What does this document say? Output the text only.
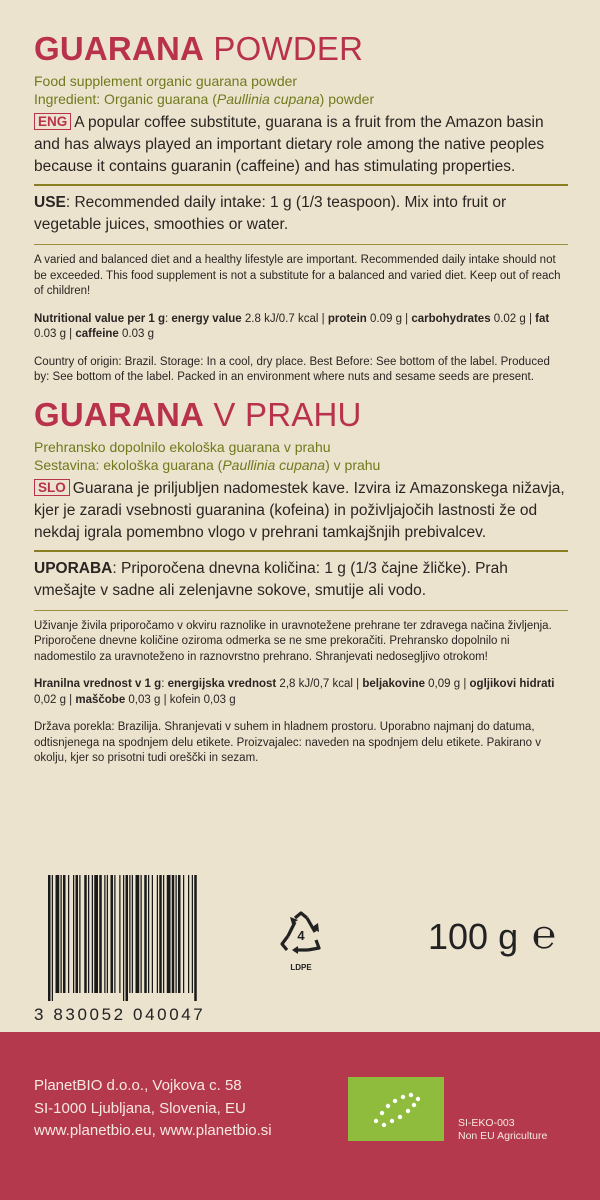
GUARANA POWDER
Food supplement organic guarana powder
Ingredient: Organic guarana (Paullinia cupana) powder
ENG A popular coffee substitute, guarana is a fruit from the Amazon basin and has always played an important dietary role among the native peoples because it contains guaranin (caffeine) and has stimulating properties.
USE: Recommended daily intake: 1 g (1/3 teaspoon). Mix into fruit or vegetable juices, smoothies or water.

A varied and balanced diet and a healthy lifestyle are important. Recommended daily intake should not be exceeded. This food supplement is not a substitute for a balanced and varied diet. Keep out of reach of children!

Nutritional value per 1 g: energy value 2.8 kJ/0.7 kcal | protein 0.09 g | carbohydrates 0.02 g | fat 0.03 g | caffeine 0.03 g

Country of origin: Brazil. Storage: In a cool, dry place. Best Before: See bottom of the label. Produced by: See bottom of the label. Packed in an environment where nuts and sesame seeds are present.

GUARANA V PRAHU
Prehransko dopolnilo ekološka guarana v prahu
Sestavina: ekološka guarana (Paullinia cupana) v prahu
SLO Guarana je priljubljen nadomestek kave. Izvira iz Amazonskega nižavja, kjer je zaradi vsebnosti guaranina (kofeina) in poživljajočih lastnosti že od nekdaj igrala pomembno vlogo v prehrani tamkajšnjih prebivalcev.
UPORABA: Priporočena dnevna količina: 1 g (1/3 čajne žličke). Prah vmešajte v sadne ali zelenjavne sokove, smutije ali vodo.

Uživanje živila priporočamo v okviru raznolike in uravnotežene prehrane ter zdravega načina življenja. Priporočene dnevne količine oziroma odmerka se ne sme prekoračiti. Prehransko dopolnilo ni nadomestilo za uravnoteženo in raznovrstno prehrano. Shranjevati nedosegljivo otrokom!

Hranilna vrednost v 1 g: energijska vrednost 2,8 kJ/0,7 kcal | beljakovine 0,09 g | ogljikovi hidrati 0,02 g | maščobe 0,03 g | kofein 0,03 g

Država porekla: Brazilija. Shranjevati v suhem in hladnem prostoru. Uporabno najmanj do datuma, odtisnjenega na spodnjem delu etikete. Proizvajalec: naveden na spodnjem delu etikete. Pakirano v okolju, kjer so prisotni tudi oreščki in sezam.

3 830052 040047
4
LDPE
100 g ℮
PlanetBIO d.o.o., Vojkova c. 58
SI-1000 Ljubljana, Slovenia, EU
www.planetbio.eu, www.planetbio.si	SI-EKO-003
Non EU Agriculture
